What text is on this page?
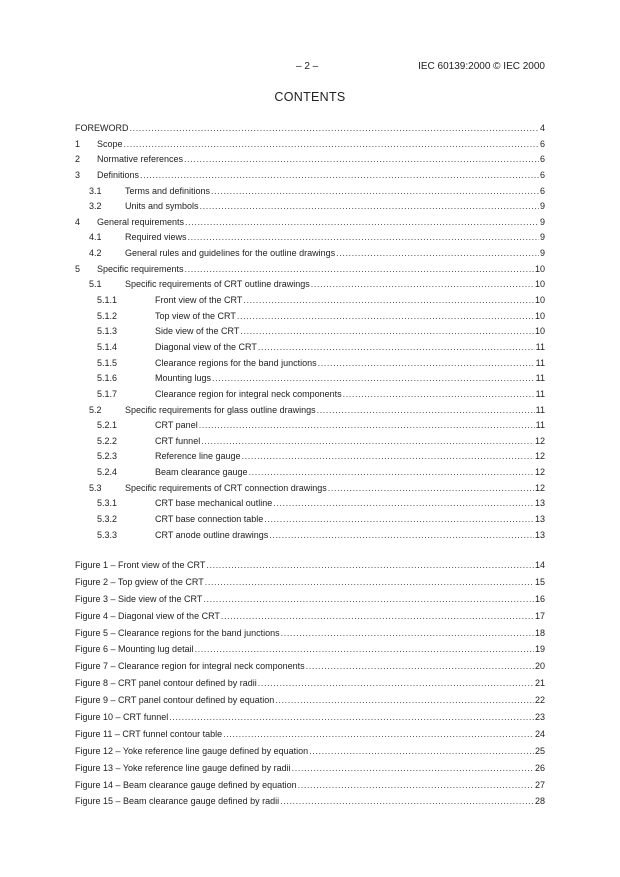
– 2 –	IEC 60139:2000 © IEC 2000
CONTENTS
FOREWORD .....	4
1	Scope .....	6
2	Normative references .....	6
3	Definitions .....	6
3.1	Terms and definitions .....	6
3.2	Units and symbols .....	9
4	General requirements .....	9
4.1	Required views .....	9
4.2	General rules and guidelines for the outline drawings .....	9
5	Specific requirements .....	10
5.1	Specific requirements of CRT outline drawings .....	10
5.1.1	Front view of the CRT .....	10
5.1.2	Top view of the CRT .....	10
5.1.3	Side view of the CRT .....	10
5.1.4	Diagonal view of the CRT .....	11
5.1.5	Clearance regions for the band junctions .....	11
5.1.6	Mounting lugs .....	11
5.1.7	Clearance region for integral neck components .....	11
5.2	Specific requirements for glass outline drawings .....	11
5.2.1	CRT panel .....	11
5.2.2	CRT funnel .....	12
5.2.3	Reference line gauge .....	12
5.2.4	Beam clearance gauge .....	12
5.3	Specific requirements of CRT connection drawings .....	12
5.3.1	CRT base mechanical outline .....	13
5.3.2	CRT base connection table .....	13
5.3.3	CRT anode outline drawings .....	13
Figure 1 – Front view of the CRT .....	14
Figure 2 – Top gview of the CRT .....	15
Figure 3 – Side view of the CRT .....	16
Figure 4 – Diagonal view of the CRT .....	17
Figure 5 – Clearance regions for the band junctions .....	18
Figure 6 – Mounting lug detail .....	19
Figure 7 – Clearance region for integral neck components .....	20
Figure 8 – CRT panel contour defined by radii .....	21
Figure 9 – CRT panel contour defined by equation .....	22
Figure 10 – CRT funnel .....	23
Figure 11 – CRT funnel contour table .....	24
Figure 12 – Yoke reference line gauge defined by equation .....	25
Figure 13 – Yoke reference line gauge defined by radii .....	26
Figure 14 – Beam clearance gauge defined by equation .....	27
Figure 15 – Beam clearance gauge defined by radii .....	28
